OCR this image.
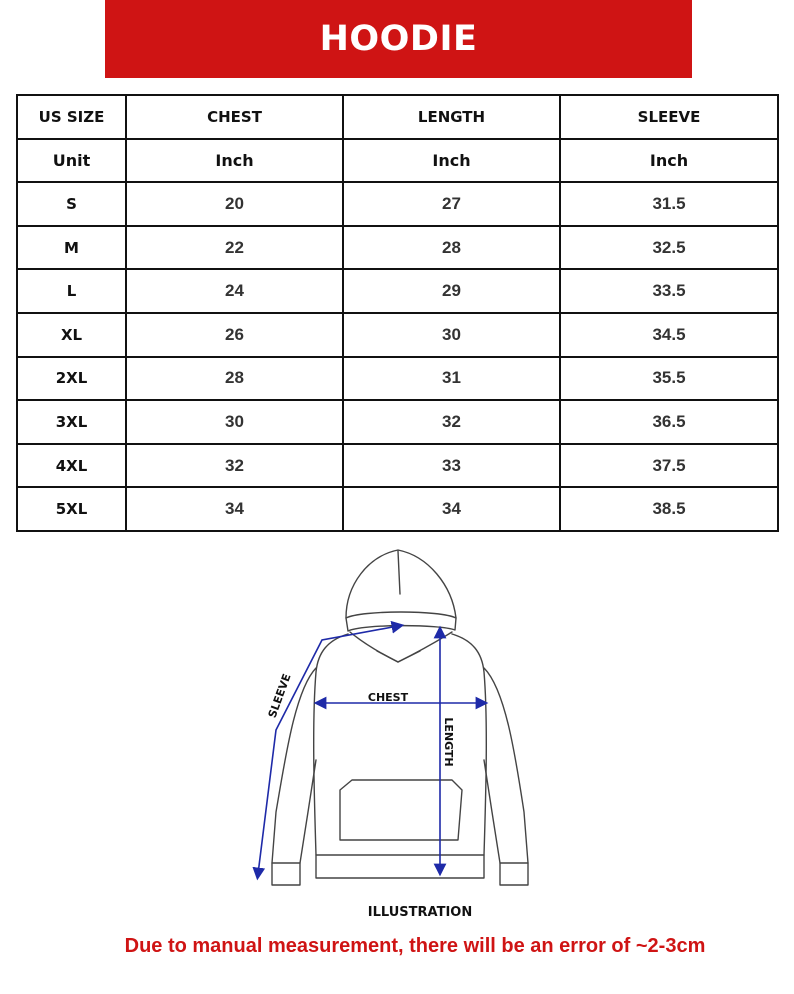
HOODIE
US SIZE	CHEST	LENGTH	SLEEVE
Unit	Inch	Inch	Inch
S	20	27	31.5
M	22	28	32.5
L	24	29	33.5
XL	26	30	34.5
2XL	28	31	35.5
3XL	30	32	36.5
4XL	32	33	37.5
5XL	34	34	38.5
CHEST
LENGTH
SLEEVE
ILLUSTRATION
Due to manual measurement, there will be an error of ~2-3cm
